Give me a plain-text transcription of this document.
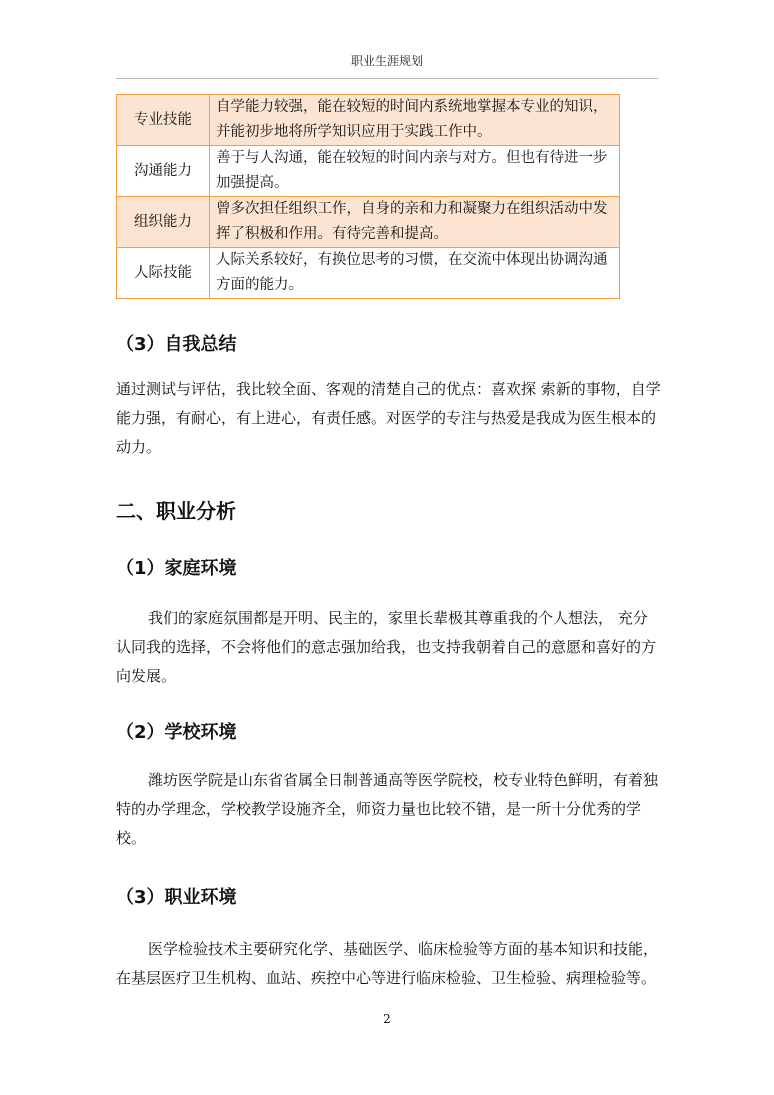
职业生涯规划
专业技能	自学能力较强，能在较短的时间内系统地掌握本专业的知识，并能初步地将所学知识应用于实践工作中。
沟通能力	善于与人沟通，能在较短的时间内亲与对方。但也有待进一步加强提高。
组织能力	曾多次担任组织工作，自身的亲和力和凝聚力在组织活动中发挥了积极和作用。有待完善和提高。
人际技能	人际关系较好，有换位思考的习惯，在交流中体现出协调沟通方面的能力。
（3）自我总结
通过测试与评估，我比较全面、客观的清楚自己的优点：喜欢探 索新的事物，自学能力强，有耐心，有上进心，有责任感。对医学的专注与热爱是我成为医生根本的动力。
二、职业分析
（1）家庭环境
我们的家庭氛围都是开明、民主的，家里长辈极其尊重我的个人想法， 充分认同我的选择，不会将他们的意志强加给我，也支持我朝着自己的意愿和喜好的方向发展。
（2）学校环境
潍坊医学院是山东省省属全日制普通高等医学院校，校专业特色鲜明，有着独特的办学理念，学校教学设施齐全，师资力量也比较不错，是一所十分优秀的学校。
（3）职业环境
医学检验技术主要研究化学、基础医学、临床检验等方面的基本知识和技能，在基层医疗卫生机构、血站、疾控中心等进行临床检验、卫生检验、病理检验等。
2
